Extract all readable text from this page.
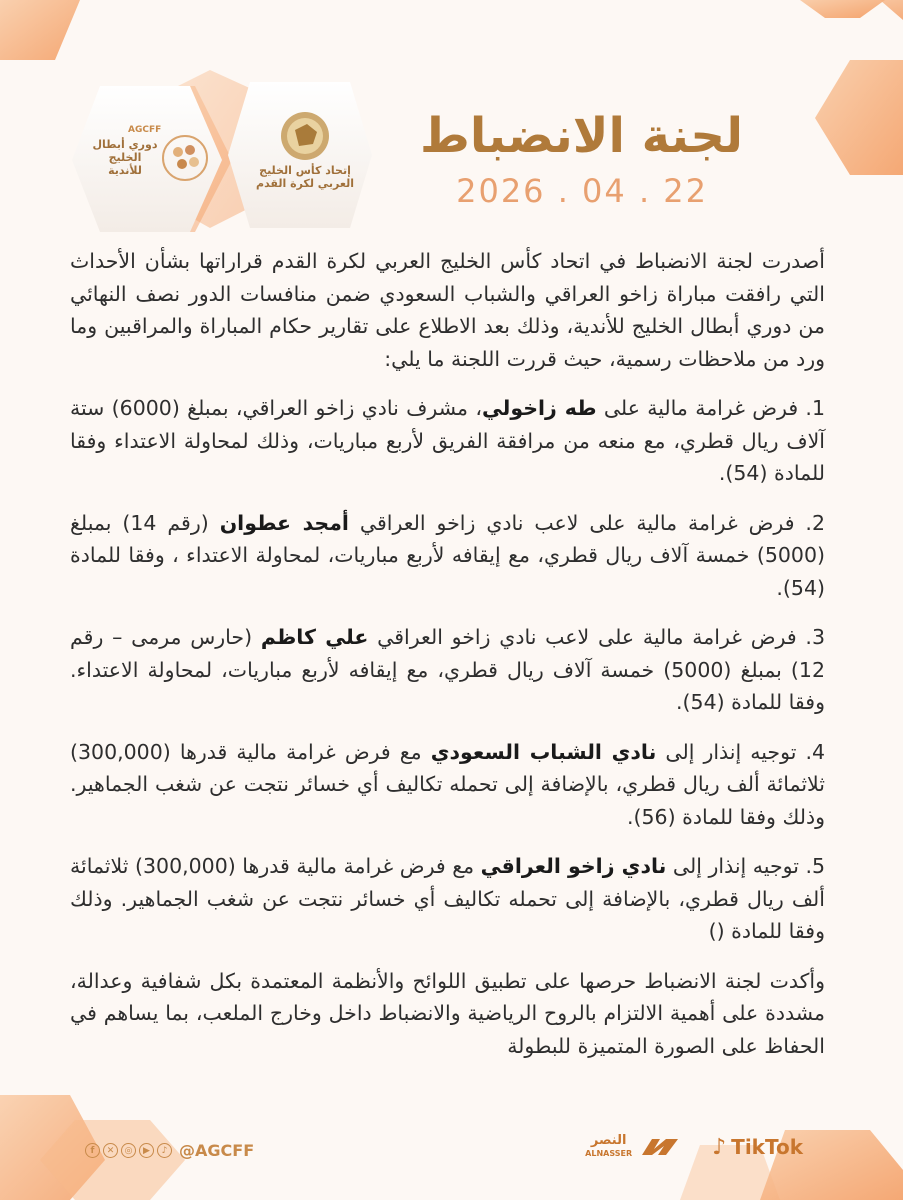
إتحاد كأس الخليج
العربي لكرة القدم
AGCFF
دوري أبطال
الخليج
للأندية
لجنة الانضباط
2026 . 04 . 22

أصدرت لجنة الانضباط في اتحاد كأس الخليج العربي لكرة القدم قراراتها بشأن الأحداث التي رافقت مباراة زاخو العراقي والشباب السعودي ضمن منافسات الدور نصف النهائي من دوري أبطال الخليج للأندية، وذلك بعد الاطلاع على تقارير حكام المباراة والمراقبين وما ورد من ملاحظات رسمية، حيث قررت اللجنة ما يلي:

1. فرض غرامة مالية على طه زاخولي، مشرف نادي زاخو العراقي، بمبلغ (6000) ستة آلاف ريال قطري، مع منعه من مرافقة الفريق لأربع مباريات، وذلك لمحاولة الاعتداء وفقا للمادة (54).

2. فرض غرامة مالية على لاعب نادي زاخو العراقي أمجد عطوان (رقم 14) بمبلغ (5000) خمسة آلاف ريال قطري، مع إيقافه لأربع مباريات، لمحاولة الاعتداء ، وفقا للمادة (54).

3. فرض غرامة مالية على لاعب نادي زاخو العراقي علي كاظم (حارس مرمى – رقم 12) بمبلغ (5000) خمسة آلاف ريال قطري، مع إيقافه لأربع مباريات، لمحاولة الاعتداء. وفقا للمادة (54).

4. توجيه إنذار إلى نادي الشباب السعودي مع فرض غرامة مالية قدرها (300,000) ثلاثمائة ألف ريال قطري، بالإضافة إلى تحمله تكاليف أي خسائر نتجت عن شغب الجماهير. وذلك وفقا للمادة (56).

5. توجيه إنذار إلى نادي زاخو العراقي مع فرض غرامة مالية قدرها (300,000) ثلاثمائة ألف ريال قطري، بالإضافة إلى تحمله تكاليف أي خسائر نتجت عن شغب الجماهير. وذلك وفقا للمادة ()

وأكدت لجنة الانضباط حرصها على تطبيق اللوائح والأنظمة المعتمدة بكل شفافية وعدالة، مشددة على أهمية الالتزام بالروح الرياضية والانضباط داخل وخارج الملعب، بما يساهم في الحفاظ على الصورة المتميزة للبطولة

f	✕	◎	▶	♪ @AGCFF
النصر
ALNASSER	♪ TikTok
